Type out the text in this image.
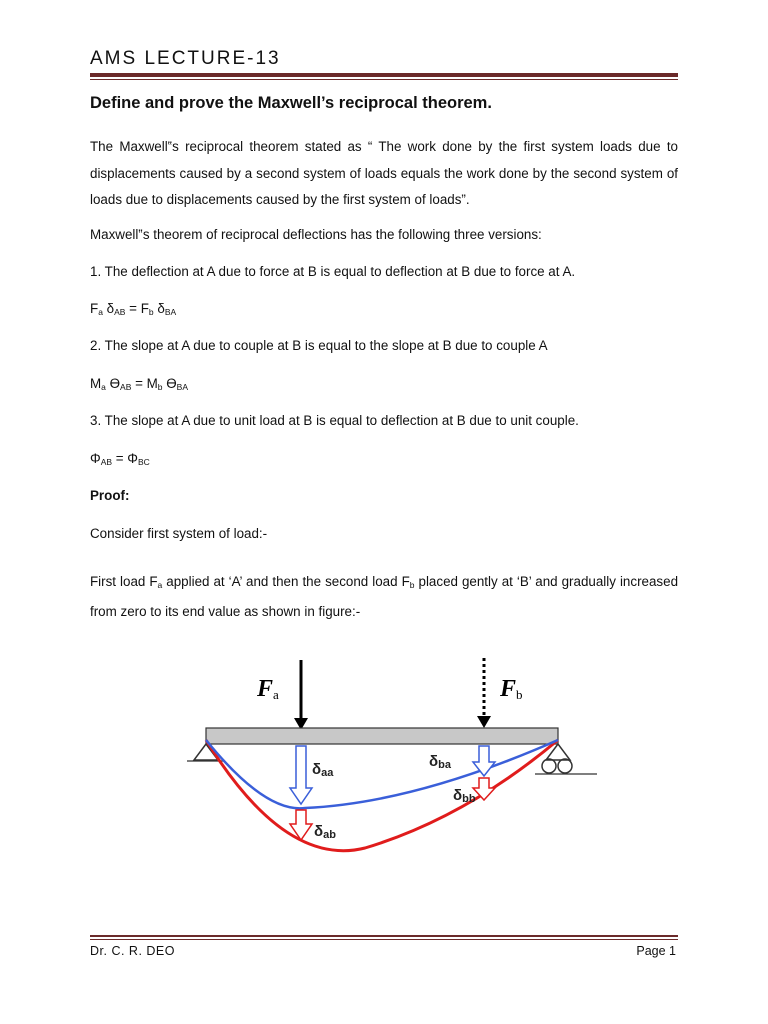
AMS LECTURE-13
Define and prove the Maxwell’s reciprocal theorem.
The Maxwell‟s reciprocal theorem stated as “ The work done by the first system loads due to displacements caused by a second system of loads equals the work done by the second system of loads due to displacements caused by the first system of loads”.
Maxwell‟s theorem of reciprocal deflections has the following three versions:
1. The deflection at A due to force at B is equal to deflection at B due to force at A.
$F_a$ $\delta_{AB} = F_b$ $\delta_{BA}$
2. The slope at A due to couple at B is equal to the slope at B due to couple A
$M_a$ $ϴ_{AB} = M_b$ $ϴ_{BA}$
3. The slope at A due to unit load at B is equal to deflection at B due to unit couple.
$\Phi_{AB} = \Phi_{BC}$
Proof:
Consider first system of load:-
First load $F_a$ applied at ‘A’ and then the second load $F_b$ placed gently at ‘B’ and gradually increased from zero to its end value as shown in figure:-
Fa	Fb
δaa
δab
δba
δbb
Dr. C. R. DEO	Page 1
